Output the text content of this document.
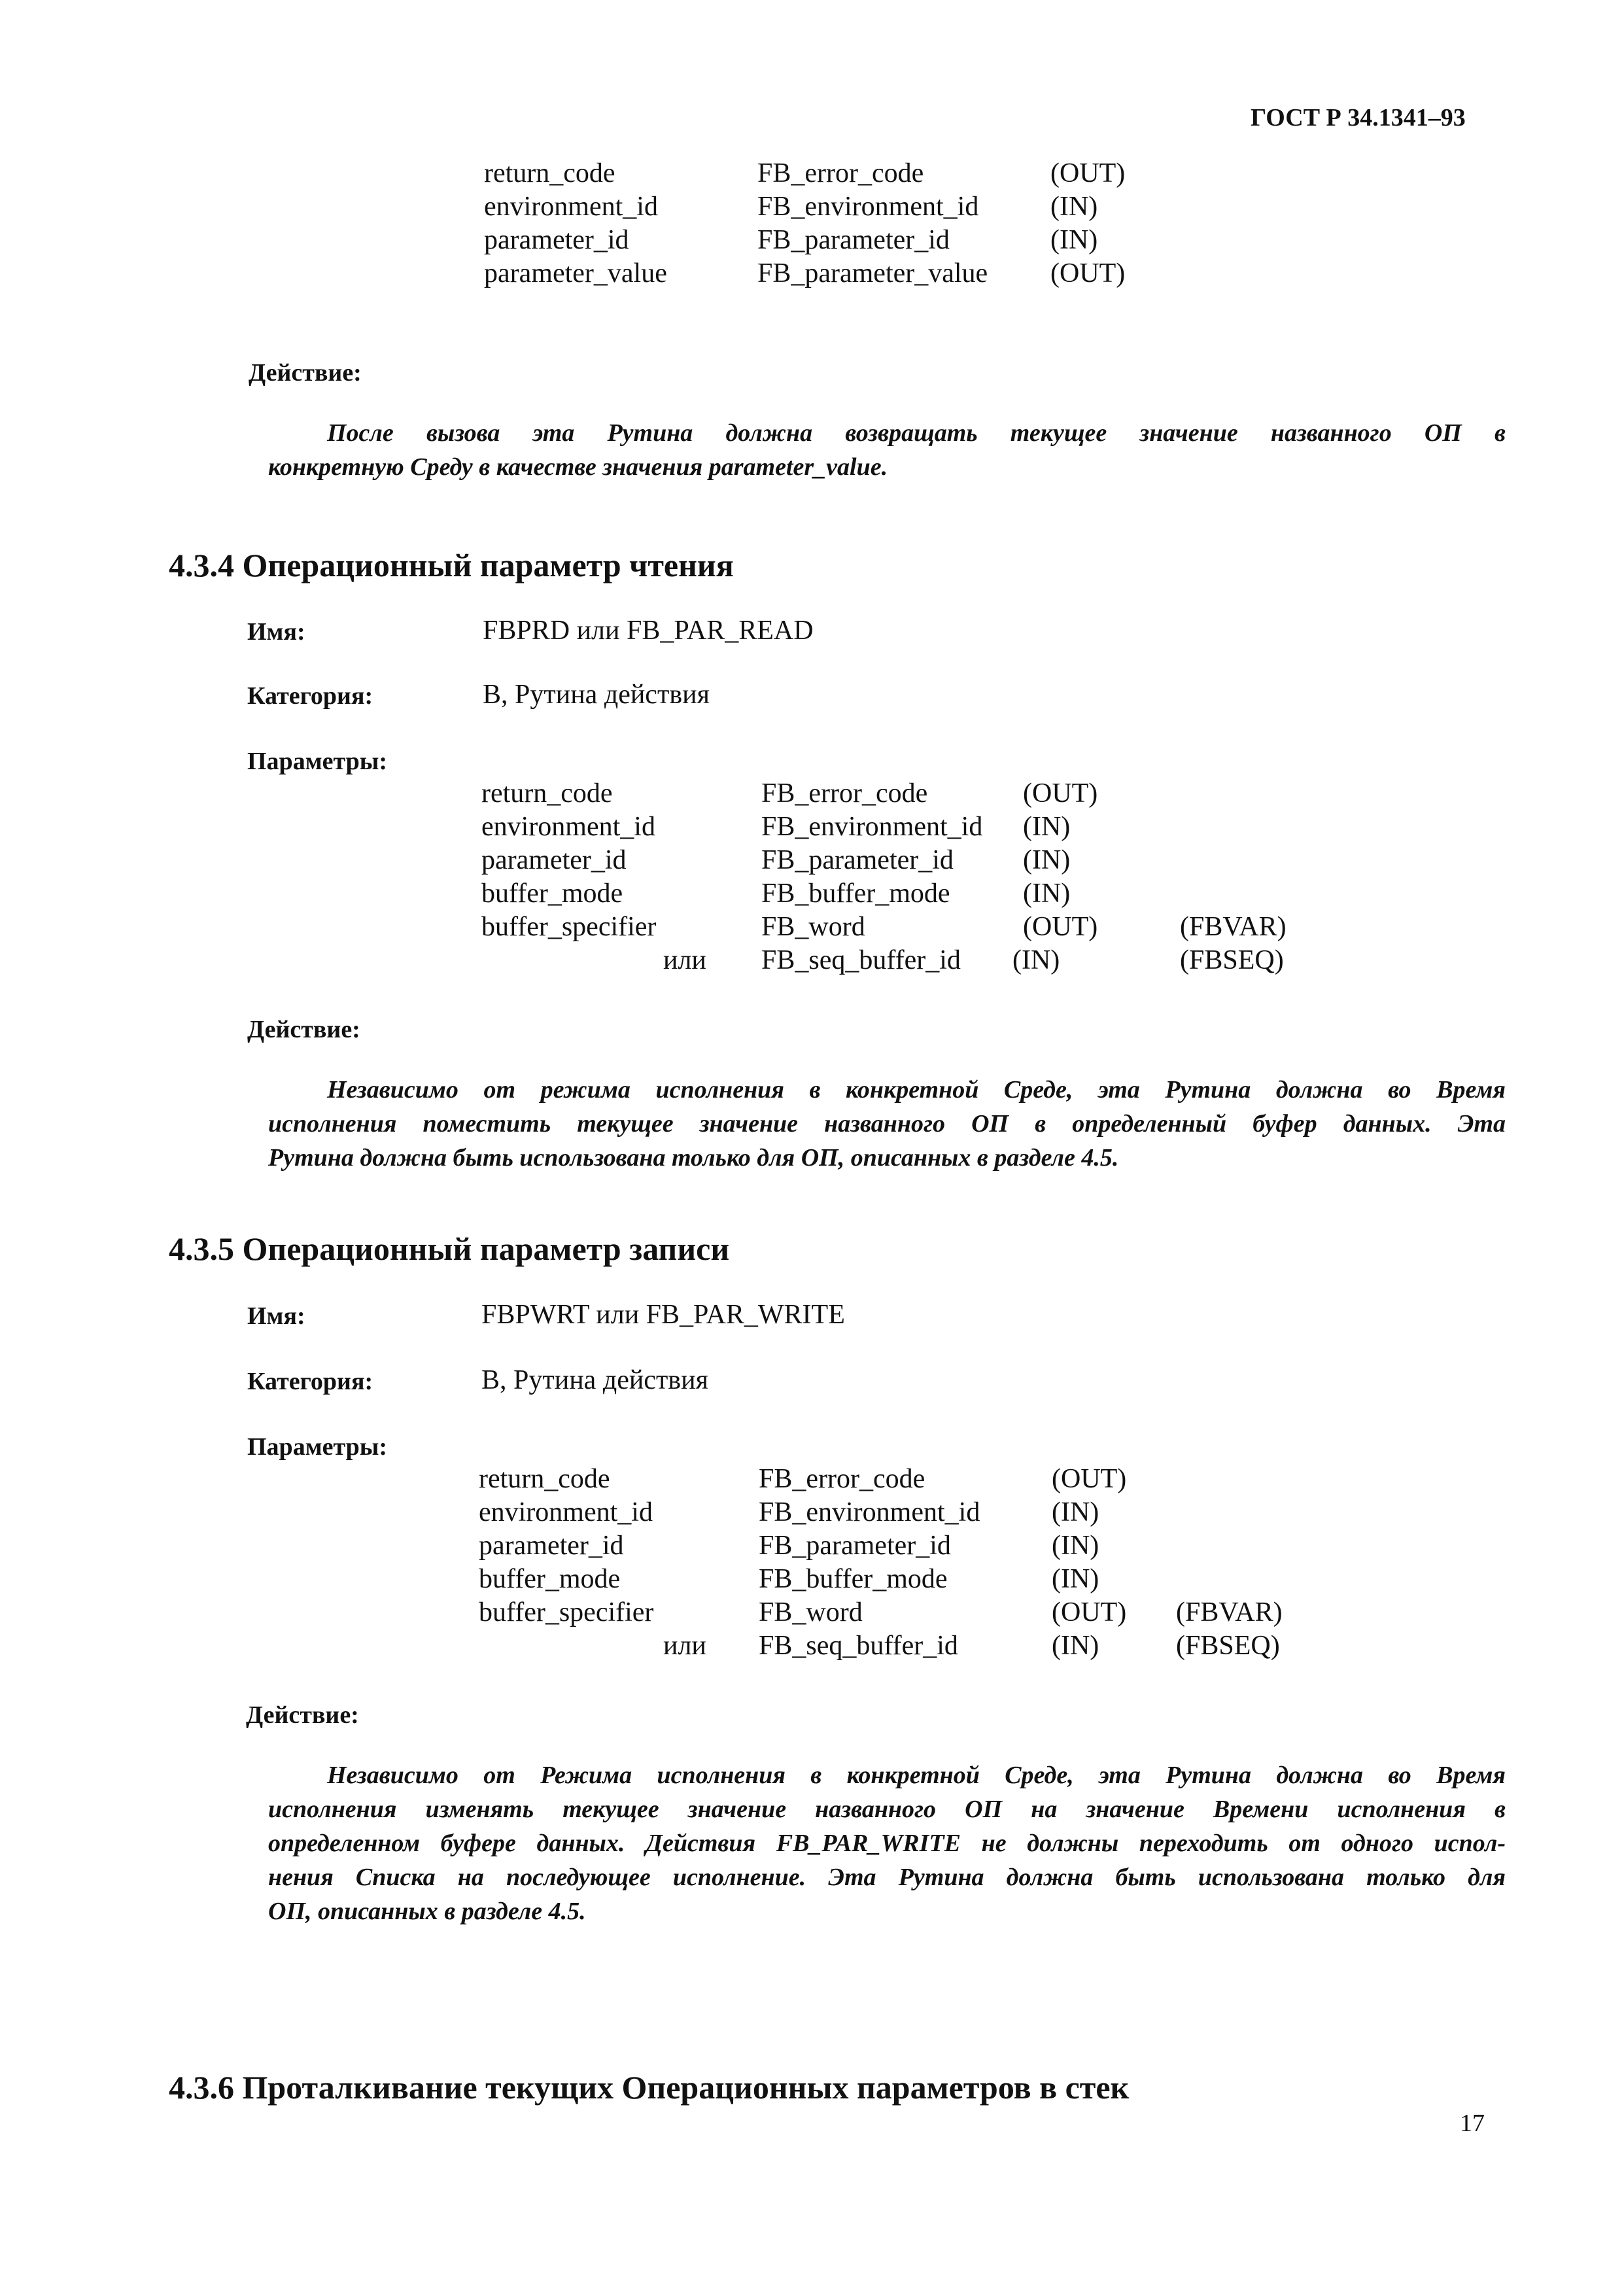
ГОСТ Р 34.1341–93
return_code	FB_error_code	(OUT)
environment_id	FB_environment_id	(IN)
parameter_id	FB_parameter_id	(IN)
parameter_value	FB_parameter_value (OUT)
Действие:

После вызова эта Рутина должна возвращать текущее значение названного ОП в

конкретную Среду в качестве значения parameter_value.

4.3.4 Операционный параметр чтения
Имя:	FBPRD или FB_PAR_READ
Категория:	B, Рутина действия
Параметры:
return_code	FB_error_code	(OUT)
environment_id	FB_environment_id (IN)
parameter_id	FB_parameter_id	(IN)
buffer_mode	FB_buffer_mode	(IN)
buffer_specifier	FB_word	(OUT)	(FBVAR)
или FB_seq_buffer_id (IN)	(FBSEQ)
Действие:

Независимо от режима исполнения в конкретной Среде, эта Рутина должна во Время

исполнения поместить текущее значение названного ОП в определенный буфер данных. Эта

Рутина должна быть использована только для ОП, описанных в разделе 4.5.

4.3.5 Операционный параметр записи
Имя:	FBPWRT или FB_PAR_WRITE
Категория:	B, Рутина действия
Параметры:
return_code	FB_error_code	(OUT)
environment_id	FB_environment_id	(IN)
parameter_id	FB_parameter_id	(IN)
buffer_mode	FB_buffer_mode	(IN)
buffer_specifier	FB_word	(OUT) (FBVAR)
или FB_seq_buffer_id	(IN)	(FBSEQ)
Действие:

Независимо от Режима исполнения в конкретной Среде, эта Рутина должна во Время

исполнения изменять текущее значение названного ОП на значение Времени исполнения в

определенном буфере данных. Действия FB_PAR_WRITE не должны переходить от одного испол-

нения Списка на последующее исполнение. Эта Рутина должна быть использована только для

ОП, описанных в разделе 4.5.

4.3.6 Проталкивание текущих Операционных параметров в стек
17
